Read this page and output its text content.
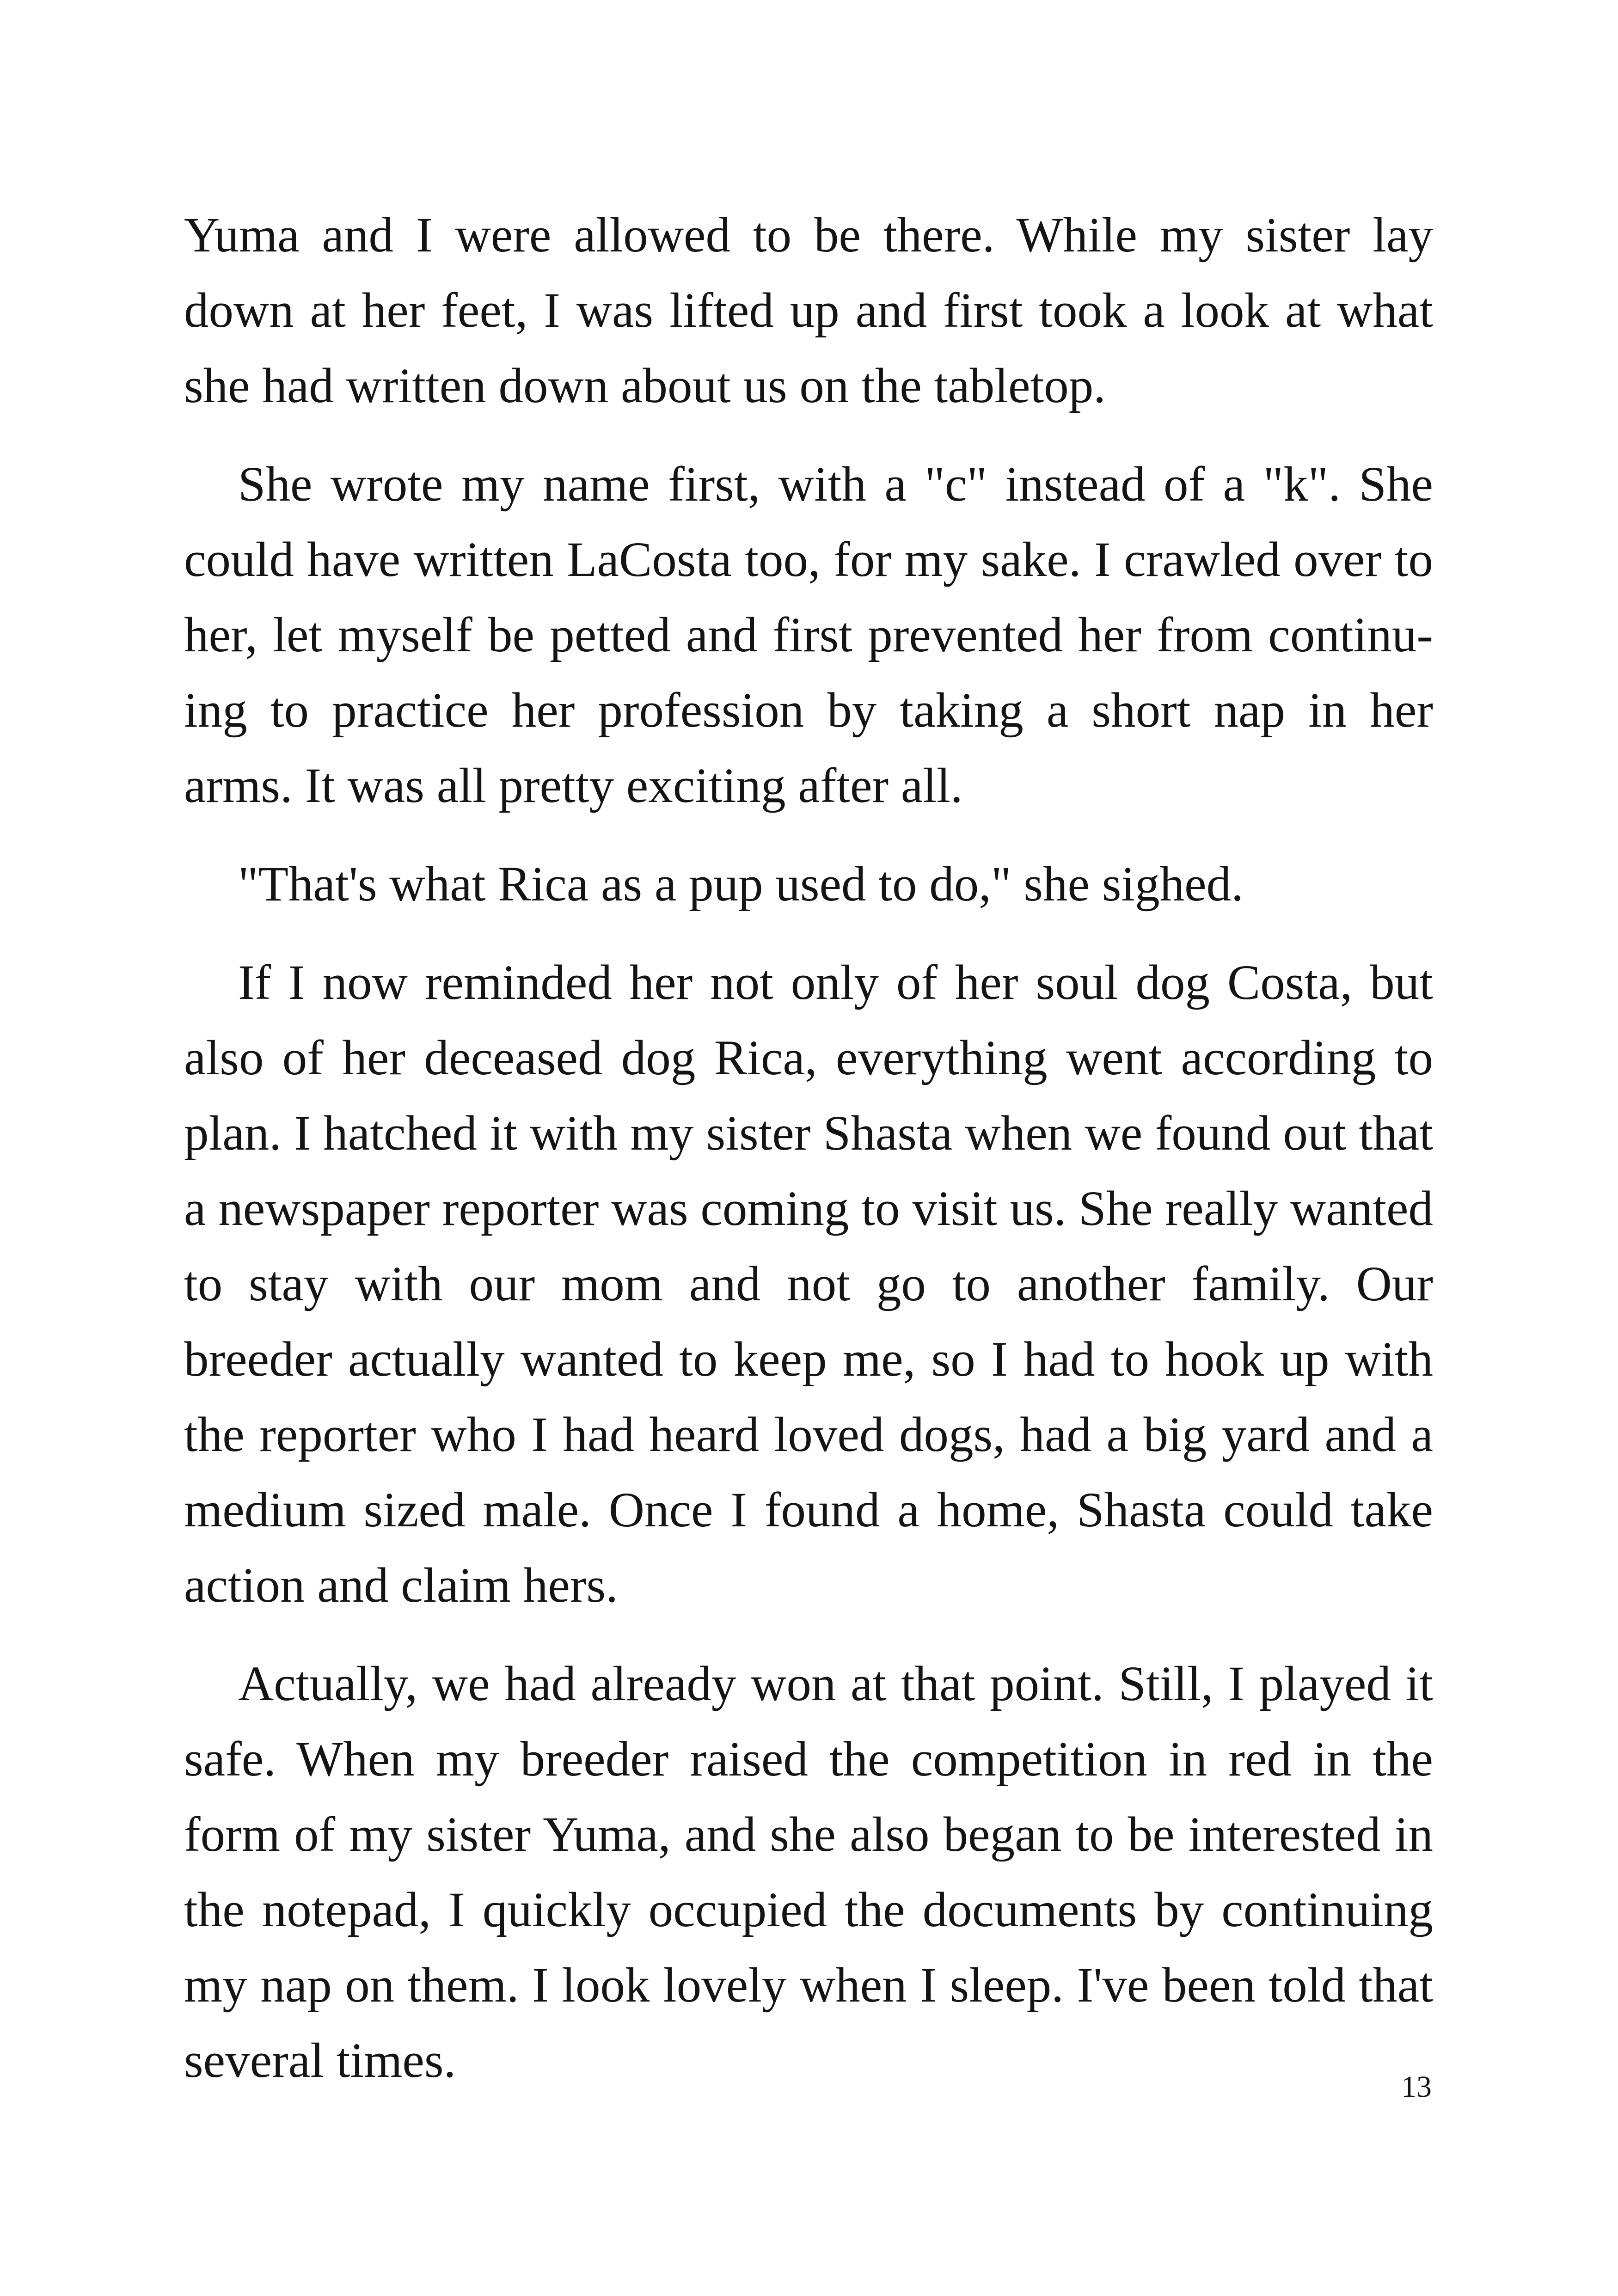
Yuma and I were allowed to be there. While my sister lay down at her feet, I was lifted up and first took a look at what she had written down about us on the tabletop.

She wrote my name first, with a "c" instead of a "k". She could have written LaCosta too, for my sake. I crawled over to her, let myself be petted and first prevented her from continuing to practice her profession by taking a short nap in her arms. It was all pretty exciting after all.

"That's what Rica as a pup used to do," she sighed.

If I now reminded her not only of her soul dog Costa, but also of her deceased dog Rica, everything went according to plan. I hatched it with my sister Shasta when we found out that a newspaper reporter was coming to visit us. She really wanted to stay with our mom and not go to another family. Our breeder actually wanted to keep me, so I had to hook up with the reporter who I had heard loved dogs, had a big yard and a medium sized male. Once I found a home, Shasta could take action and claim hers.

Actually, we had already won at that point. Still, I played it safe. When my breeder raised the competition in red in the form of my sister Yuma, and she also began to be interested in the notepad, I quickly occupied the documents by continuing my nap on them. I look lovely when I sleep. I've been told that several times.	13
